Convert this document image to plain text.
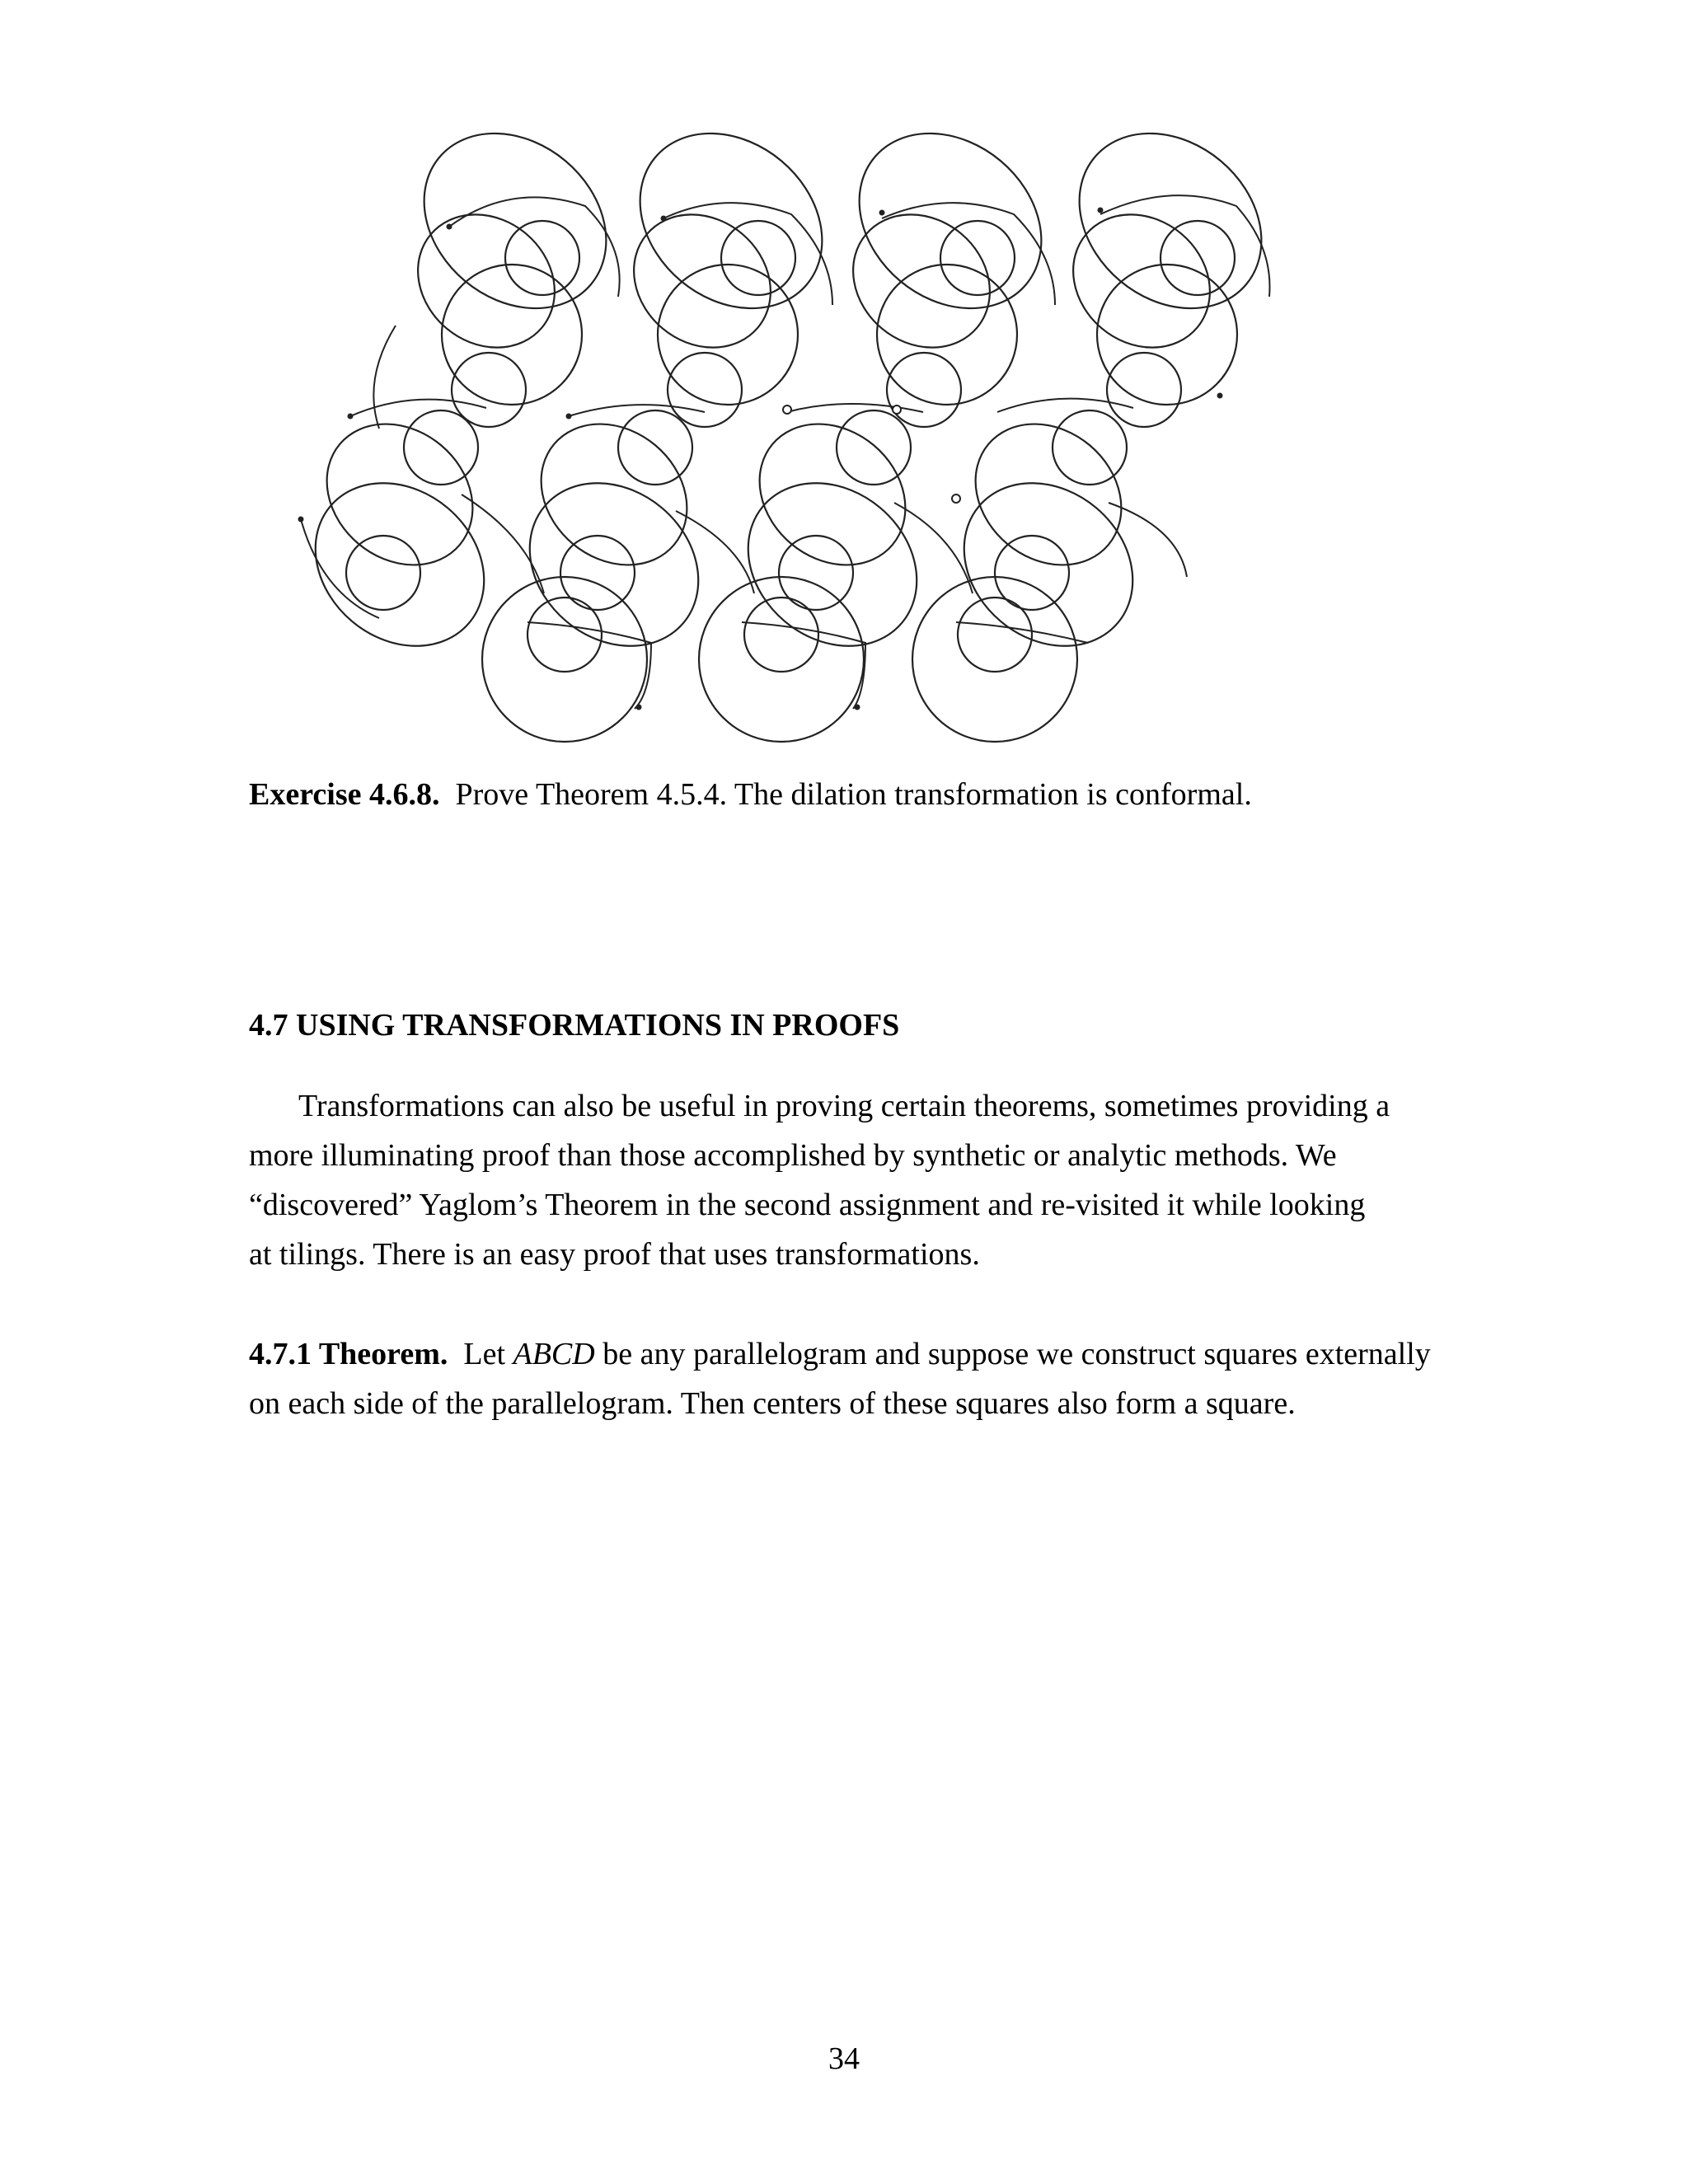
Exercise 4.6.8. Prove Theorem 4.5.4. The dilation transformation is conformal.

4.7 USING TRANSFORMATIONS IN PROOFS

Transformations can also be useful in proving certain theorems, sometimes providing a
more illuminating proof than those accomplished by synthetic or analytic methods. We
“discovered” Yaglom’s Theorem in the second assignment and re-visited it while looking
at tilings. There is an easy proof that uses transformations.

4.7.1 Theorem. Let ABCD be any parallelogram and suppose we construct squares externally on each side of the parallelogram. Then centers of these squares also form a square.

34
